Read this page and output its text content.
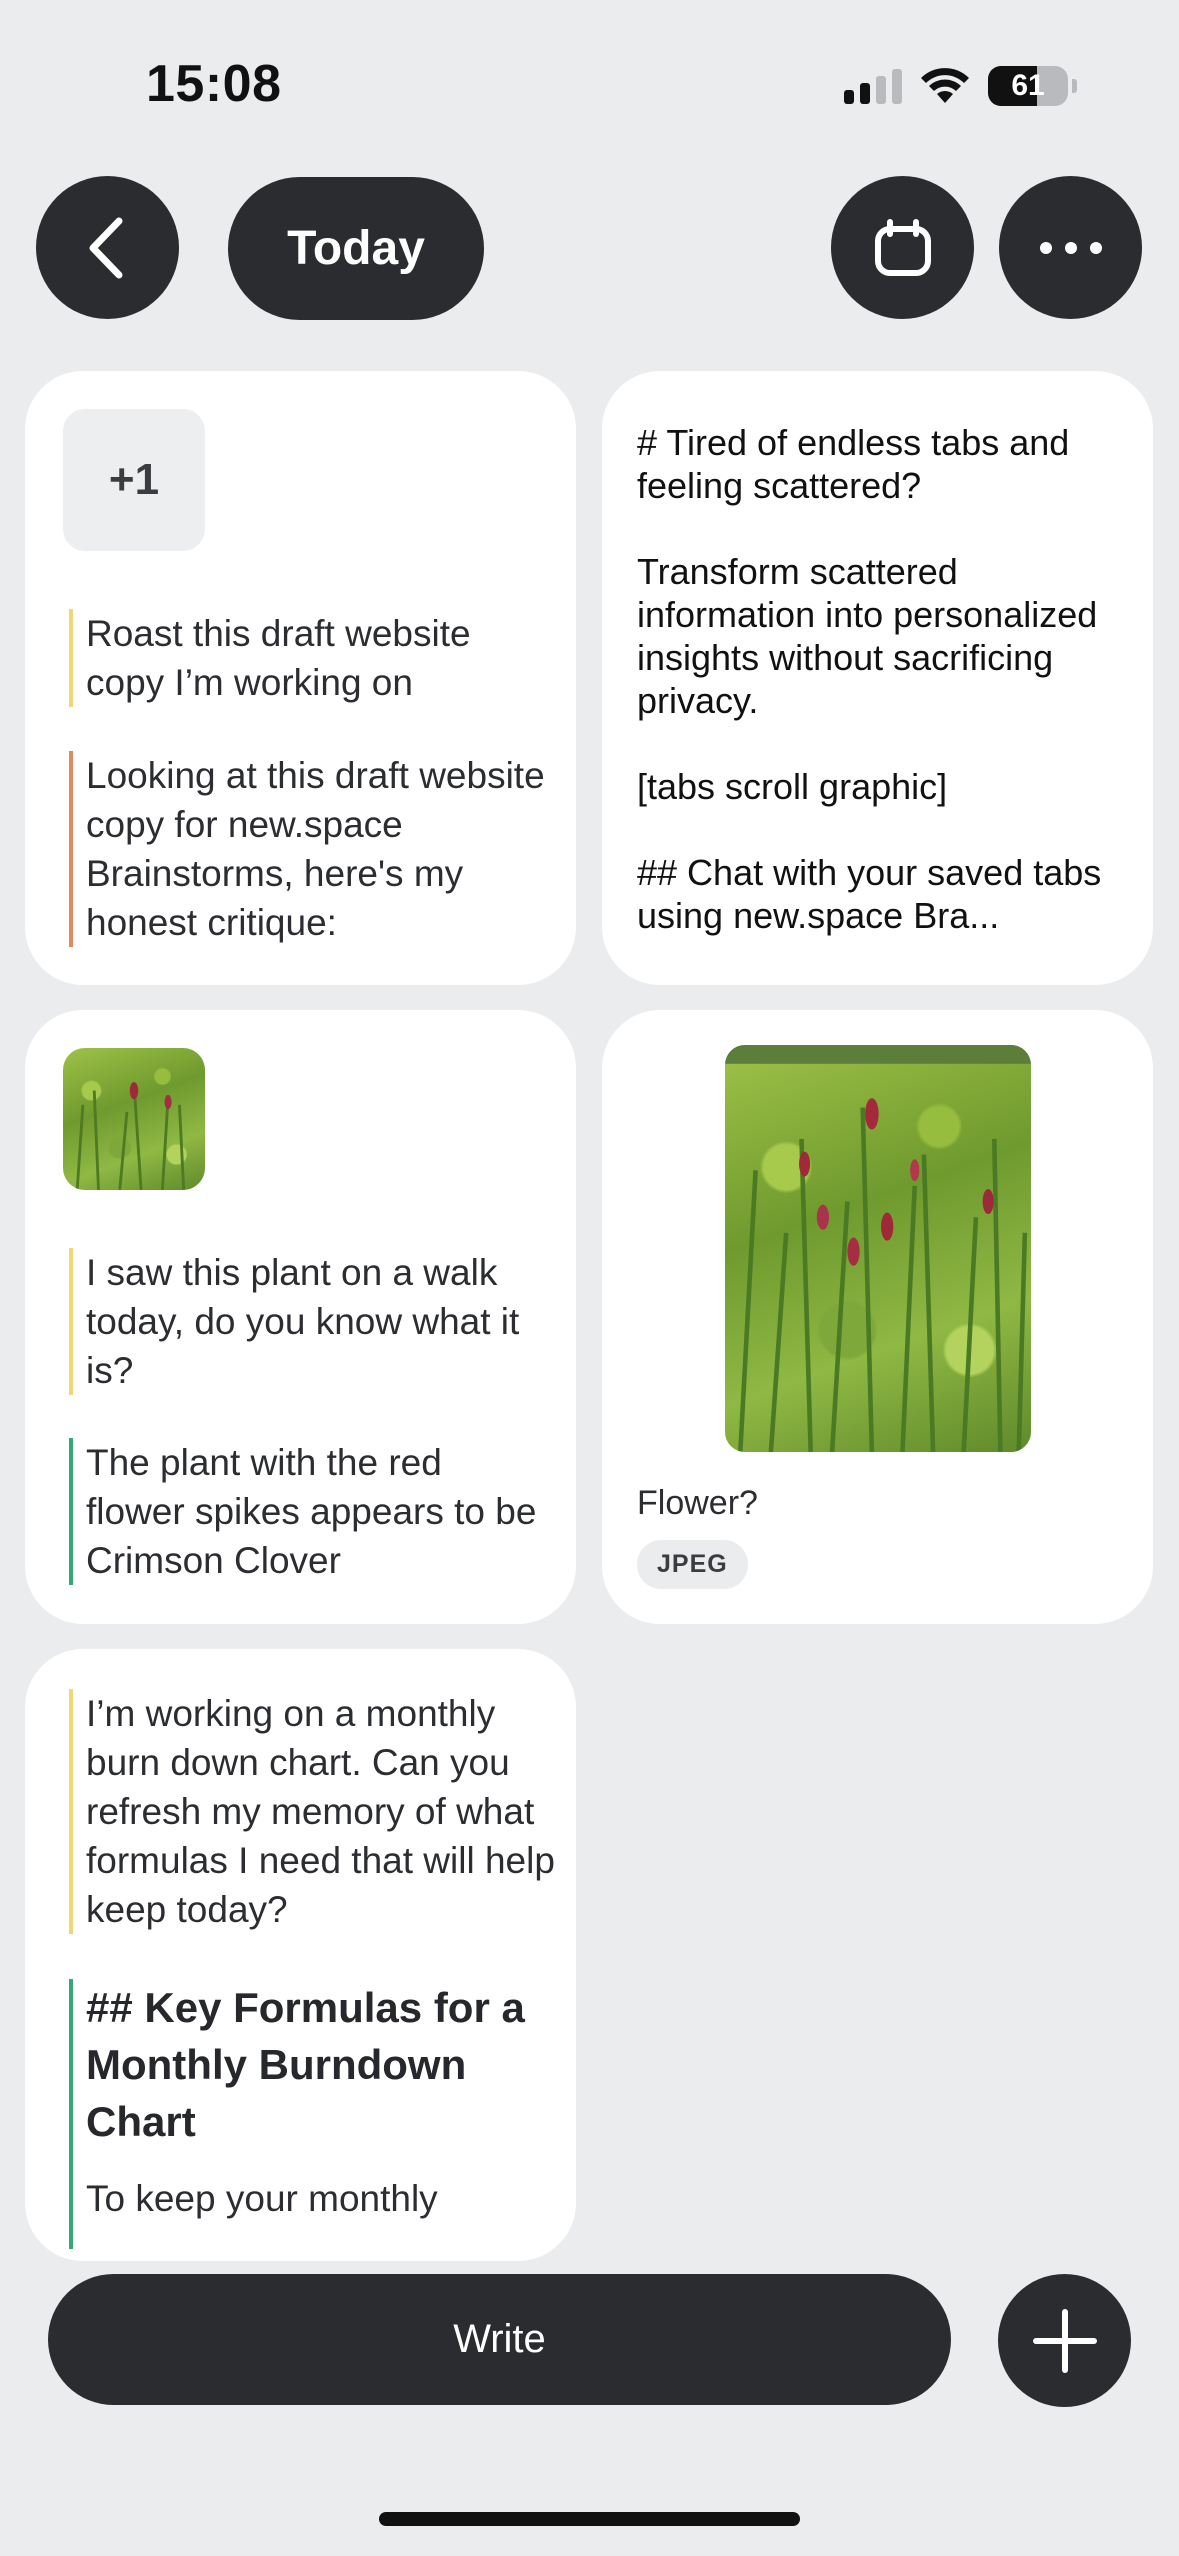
15:08	61
Today
+1
Roast this draft website copy I’m working on
Looking at this draft website copy for new.space Brainstorms, here's my honest critique:
# Tired of endless tabs and feeling scattered?
Transform scattered information into personalized insights without sacrificing privacy.
[tabs scroll graphic]
## Chat with your saved tabs using new.space Bra...
I saw this plant on a walk today, do you know what it is?
The plant with the red flower spikes appears to be Crimson Clover
Flower?
JPEG
I’m working on a monthly burn down chart. Can you refresh my memory of what formulas I need that will help keep today?
## Key Formulas for a Monthly Burndown Chart
To keep your monthly
Write
